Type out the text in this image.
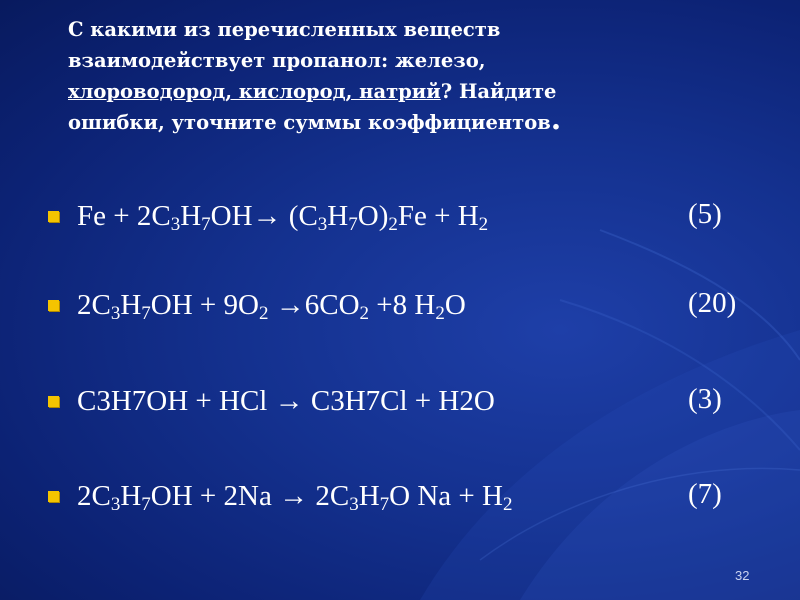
С какими из перечисленных веществ взаимодействует пропанол: железо, хлороводород, кислород, натрий? Найдите ошибки, уточните суммы коэффициентов.
$Fe + 2C_3H_7OH\to (C_3H_7O)_2Fe + H_2$	(5)
$2C_3H_7OH + 9O_2 \to 6CO_2 +8$ $H_2O$	(20)
C3H7OH + HCl → C3H7Cl + H2O	(3)
$2C_3H_7OH + 2Na \to 2C_3H_7O$ $Na + H_2$	(7)
32
